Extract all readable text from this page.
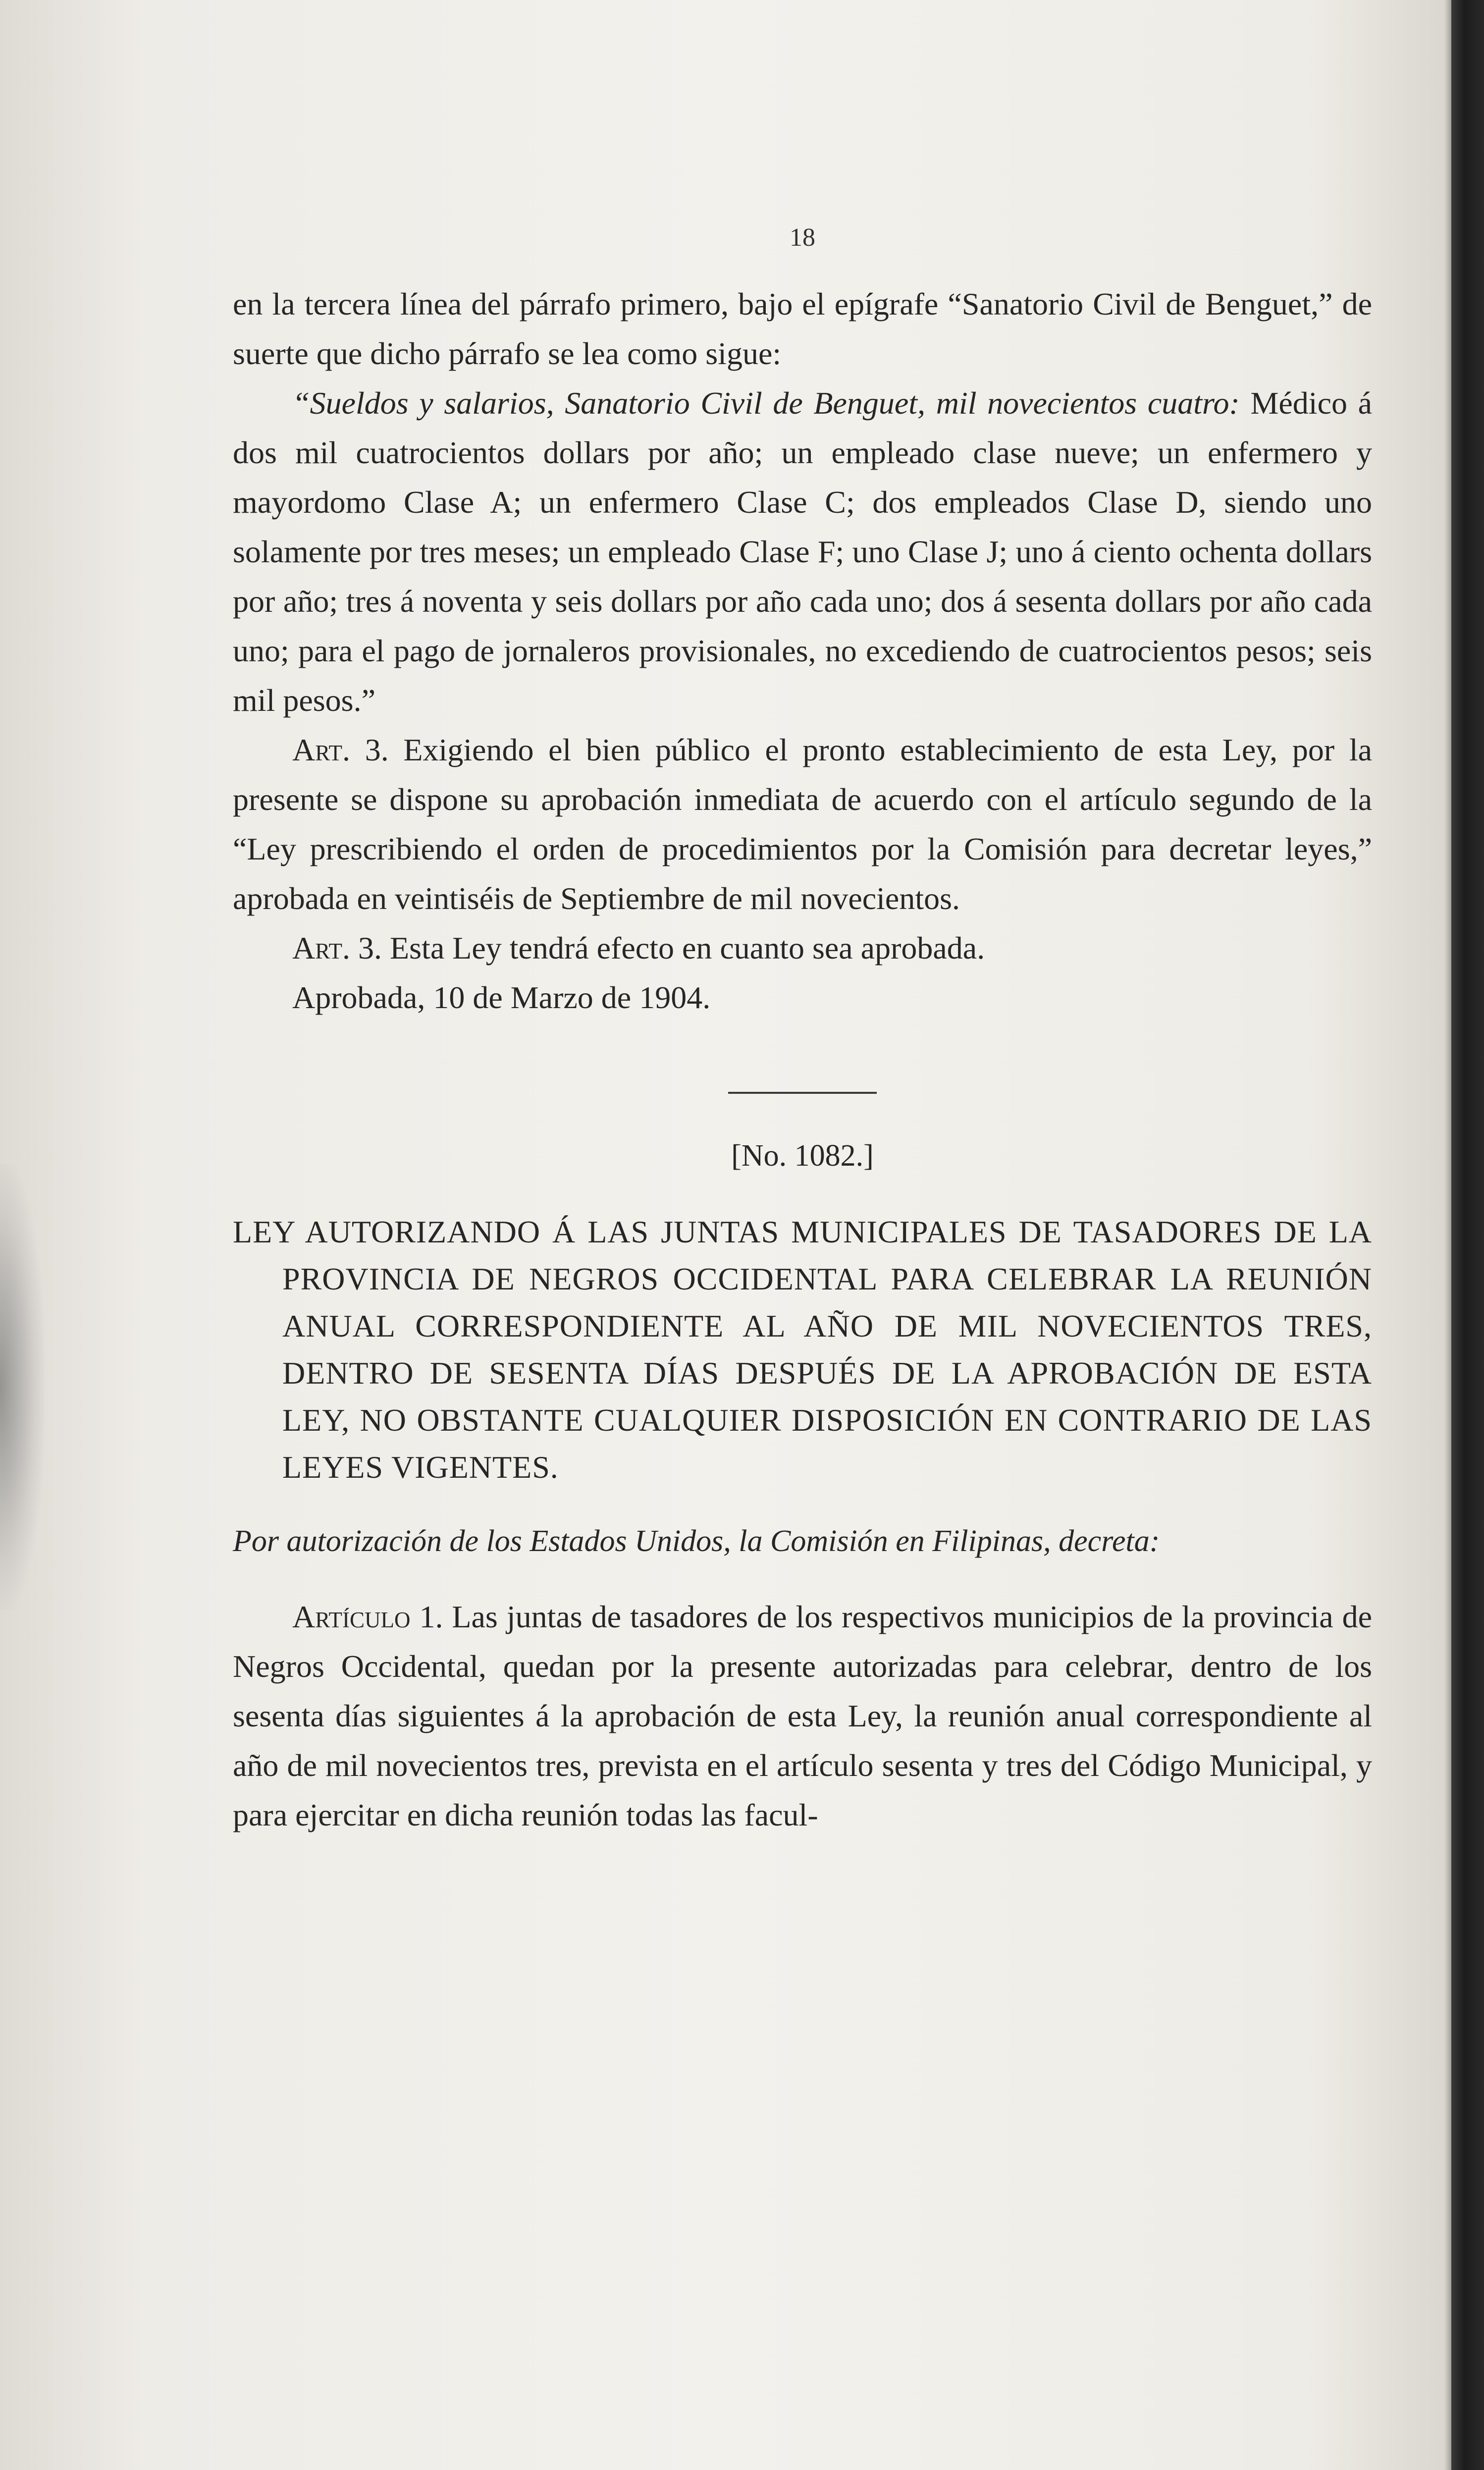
18

en la tercera línea del párrafo primero, bajo el epígrafe “Sanatorio Civil de Benguet,” de suerte que dicho párrafo se lea como sigue:

“Sueldos y salarios, Sanatorio Civil de Benguet, mil novecientos cuatro: Médico á dos mil cuatrocientos dollars por año; un empleado clase nueve; un enfermero y mayordomo Clase A; un enfermero Clase C; dos empleados Clase D, siendo uno solamente por tres meses; un empleado Clase F; uno Clase J; uno á ciento ochenta dollars por año; tres á noventa y seis dollars por año cada uno; dos á sesenta dollars por año cada uno; para el pago de jornaleros provisionales, no excediendo de cuatrocientos pesos; seis mil pesos.”

Art. 3. Exigiendo el bien público el pronto establecimiento de esta Ley, por la presente se dispone su aprobación inmediata de acuerdo con el artículo segundo de la “Ley prescribiendo el orden de procedimientos por la Comisión para decretar leyes,” aprobada en veintiséis de Septiembre de mil novecientos.

Art. 3. Esta Ley tendrá efecto en cuanto sea aprobada.

Aprobada, 10 de Marzo de 1904.

[No. 1082.]
LEY AUTORIZANDO Á LAS JUNTAS MUNICIPALES DE TASADORES DE LA PROVINCIA DE NEGROS OCCIDENTAL PARA CELEBRAR LA REUNIÓN ANUAL CORRESPONDIENTE AL AÑO DE MIL NOVECIENTOS TRES, DENTRO DE SESENTA DÍAS DESPUÉS DE LA APROBACIÓN DE ESTA LEY, NO OBSTANTE CUALQUIER DISPOSICIÓN EN CONTRARIO DE LAS LEYES VIGENTES.
Por autorización de los Estados Unidos, la Comisión en Filipinas, decreta:

Artículo 1. Las juntas de tasadores de los respectivos municipios de la provincia de Negros Occidental, quedan por la presente autorizadas para celebrar, dentro de los sesenta días siguientes á la aprobación de esta Ley, la reunión anual correspondiente al año de mil novecientos tres, prevista en el artículo sesenta y tres del Código Municipal, y para ejercitar en dicha reunión todas las facul-
